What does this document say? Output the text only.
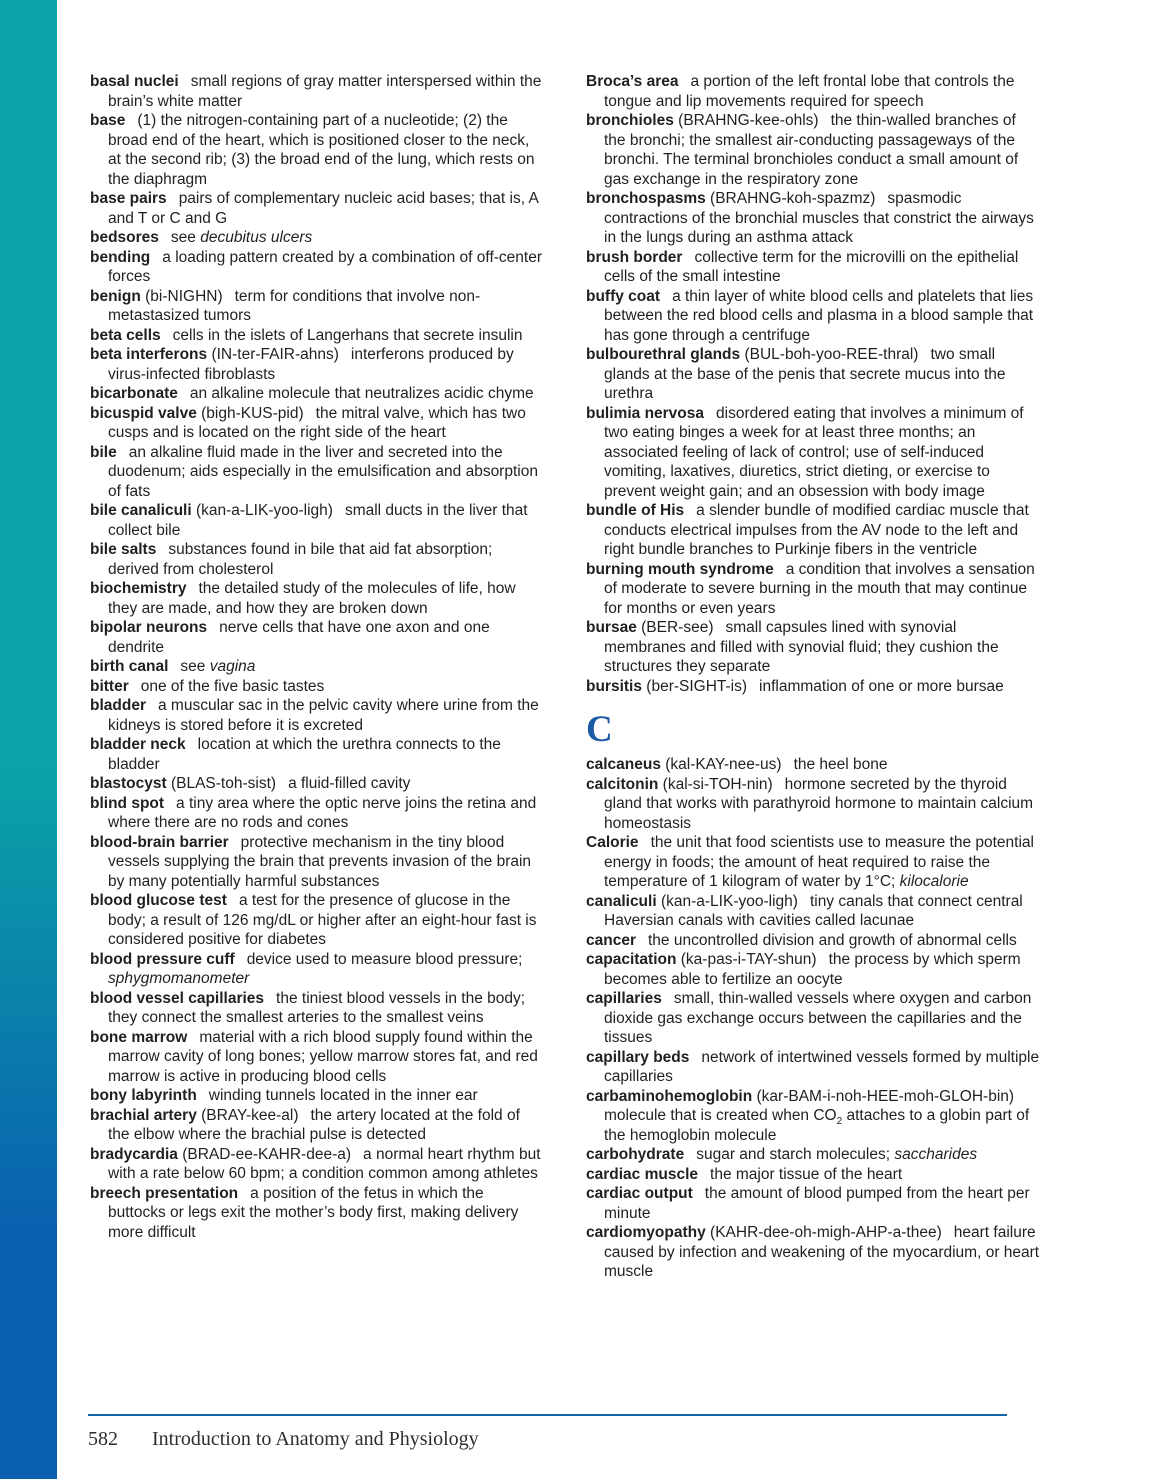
basal nuclei small regions of gray matter interspersed within the brain’s white matter

base (1) the nitrogen-containing part of a nucleotide; (2) the broad end of the heart, which is positioned closer to the neck, at the second rib; (3) the broad end of the lung, which rests on the diaphragm

base pairs pairs of complementary nucleic acid bases; that is, A and T or C and G

bedsores see decubitus ulcers

bending a loading pattern created by a combination of off-center forces

benign (bi-NIGHN) term for conditions that involve non-metastasized tumors

beta cells cells in the islets of Langerhans that secrete insulin

beta interferons (IN-ter-FAIR-ahns) interferons produced by virus-infected fibroblasts

bicarbonate an alkaline molecule that neutralizes acidic chyme

bicuspid valve (bigh-KUS-pid) the mitral valve, which has two cusps and is located on the right side of the heart

bile an alkaline fluid made in the liver and secreted into the duodenum; aids especially in the emulsification and absorption of fats

bile canaliculi (kan-a-LIK-yoo-ligh) small ducts in the liver that collect bile

bile salts substances found in bile that aid fat absorption; derived from cholesterol

biochemistry the detailed study of the molecules of life, how they are made, and how they are broken down

bipolar neurons nerve cells that have one axon and one dendrite

birth canal see vagina

bitter one of the five basic tastes

bladder a muscular sac in the pelvic cavity where urine from the kidneys is stored before it is excreted

bladder neck location at which the urethra connects to the bladder

blastocyst (BLAS-toh-sist) a fluid-filled cavity

blind spot a tiny area where the optic nerve joins the retina and where there are no rods and cones

blood-brain barrier protective mechanism in the tiny blood vessels supplying the brain that prevents invasion of the brain by many potentially harmful substances

blood glucose test a test for the presence of glucose in the body; a result of 126 mg/dL or higher after an eight-hour fast is considered positive for diabetes

blood pressure cuff device used to measure blood pressure; sphygmomanometer

blood vessel capillaries the tiniest blood vessels in the body; they connect the smallest arteries to the smallest veins

bone marrow material with a rich blood supply found within the marrow cavity of long bones; yellow marrow stores fat, and red marrow is active in producing blood cells

bony labyrinth winding tunnels located in the inner ear

brachial artery (BRAY-kee-al) the artery located at the fold of the elbow where the brachial pulse is detected

bradycardia (BRAD-ee-KAHR-dee-a) a normal heart rhythm but with a rate below 60 bpm; a condition common among athletes

breech presentation a position of the fetus in which the buttocks or legs exit the mother’s body first, making delivery more difficult

Broca’s area a portion of the left frontal lobe that controls the tongue and lip movements required for speech

bronchioles (BRAHNG-kee-ohls) the thin-walled branches of the bronchi; the smallest air-conducting passageways of the bronchi. The terminal bronchioles conduct a small amount of gas exchange in the respiratory zone

bronchospasms (BRAHNG-koh-spazmz) spasmodic contractions of the bronchial muscles that constrict the airways in the lungs during an asthma attack

brush border collective term for the microvilli on the epithelial cells of the small intestine

buffy coat a thin layer of white blood cells and platelets that lies between the red blood cells and plasma in a blood sample that has gone through a centrifuge

bulbourethral glands (BUL-boh-yoo-REE-thral) two small glands at the base of the penis that secrete mucus into the urethra

bulimia nervosa disordered eating that involves a minimum of two eating binges a week for at least three months; an associated feeling of lack of control; use of self-induced vomiting, laxatives, diuretics, strict dieting, or exercise to prevent weight gain; and an obsession with body image

bundle of His a slender bundle of modified cardiac muscle that conducts electrical impulses from the AV node to the left and right bundle branches to Purkinje fibers in the ventricle

burning mouth syndrome a condition that involves a sensation of moderate to severe burning in the mouth that may continue for months or even years

bursae (BER-see) small capsules lined with synovial membranes and filled with synovial fluid; they cushion the structures they separate

bursitis (ber-SIGHT-is) inflammation of one or more bursae

C

calcaneus (kal-KAY-nee-us) the heel bone

calcitonin (kal-si-TOH-nin) hormone secreted by the thyroid gland that works with parathyroid hormone to maintain calcium homeostasis

Calorie the unit that food scientists use to measure the potential energy in foods; the amount of heat required to raise the temperature of 1 kilogram of water by 1°C; kilocalorie

canaliculi (kan-a-LIK-yoo-ligh) tiny canals that connect central Haversian canals with cavities called lacunae

cancer the uncontrolled division and growth of abnormal cells

capacitation (ka-pas-i-TAY-shun) the process by which sperm becomes able to fertilize an oocyte

capillaries small, thin-walled vessels where oxygen and carbon dioxide gas exchange occurs between the capillaries and the tissues

capillary beds network of intertwined vessels formed by multiple capillaries

carbaminohemoglobin (kar-BAM-i-noh-HEE-moh-GLOH-bin)molecule that is created when $CO_2$ attaches to a globin part of the hemoglobin molecule

carbohydrate sugar and starch molecules; saccharides

cardiac muscle the major tissue of the heart

cardiac output the amount of blood pumped from the heart per minute

cardiomyopathy (KAHR-dee-oh-migh-AHP-a-thee) heart failure caused by infection and weakening of the myocardium, or heart muscle

582	Introduction to Anatomy and Physiology
